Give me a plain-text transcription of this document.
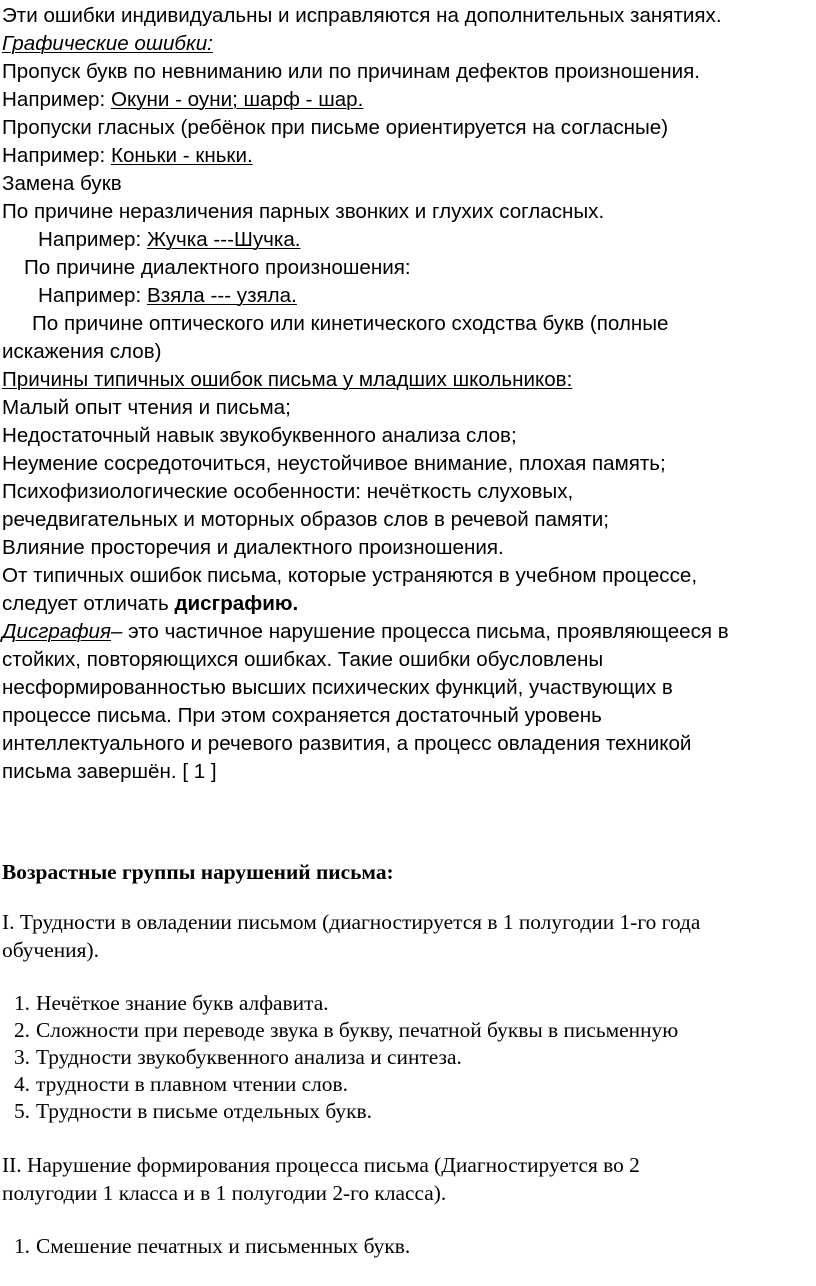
Эти ошибки индивидуальны и исправляются на дополнительных занятиях.
Графические ошибки:
Пропуск букв по невниманию или по причинам дефектов произношения.
Например: Окуни - оуни; шарф - шар.
Пропуски гласных (ребёнок при письме ориентируется на согласные)
Например: Коньки - кньки.
Замена букв
По причине неразличения парных звонких и глухих согласных.
Например: Жучка ---Шучка.
По причине диалектного произношения:
Например: Взяла --- узяла.
По причине оптического или кинетического сходства букв (полные
искажения слов)
Причины типичных ошибок письма у младших школьников:
Малый опыт чтения и письма;
Недостаточный навык звукобуквенного анализа слов;
Неумение сосредоточиться, неустойчивое внимание, плохая память;
Психофизиологические особенности: нечёткость слуховых,
речедвигательных и моторных образов слов в речевой памяти;
Влияние просторечия и диалектного произношения.
От типичных ошибок письма, которые устраняются в учебном процессе,
следует отличать дисграфию.
Дисграфия– это частичное нарушение процесса письма, проявляющееся в
стойких, повторяющихся ошибках. Такие ошибки обусловлены
несформированностью высших психических функций, участвующих в
процессе письма. При этом сохраняется достаточный уровень
интеллектуального и речевого развития, а процесс овладения техникой
письма завершён. [ 1 ]
Возрастные группы нарушений письма:
I. Трудности в овладении письмом (диагностируется в 1 полугодии 1-го года
обучения).
1. Нечёткое знание букв алфавита.
2. Сложности при переводе звука в букву, печатной буквы в письменную
3. Трудности звукобуквенного анализа и синтеза.
4. трудности в плавном чтении слов.
5. Трудности в письме отдельных букв.
II. Нарушение формирования процесса письма (Диагностируется во 2
полугодии 1 класса и в 1 полугодии 2-го класса).
1. Смешение печатных и письменных букв.
